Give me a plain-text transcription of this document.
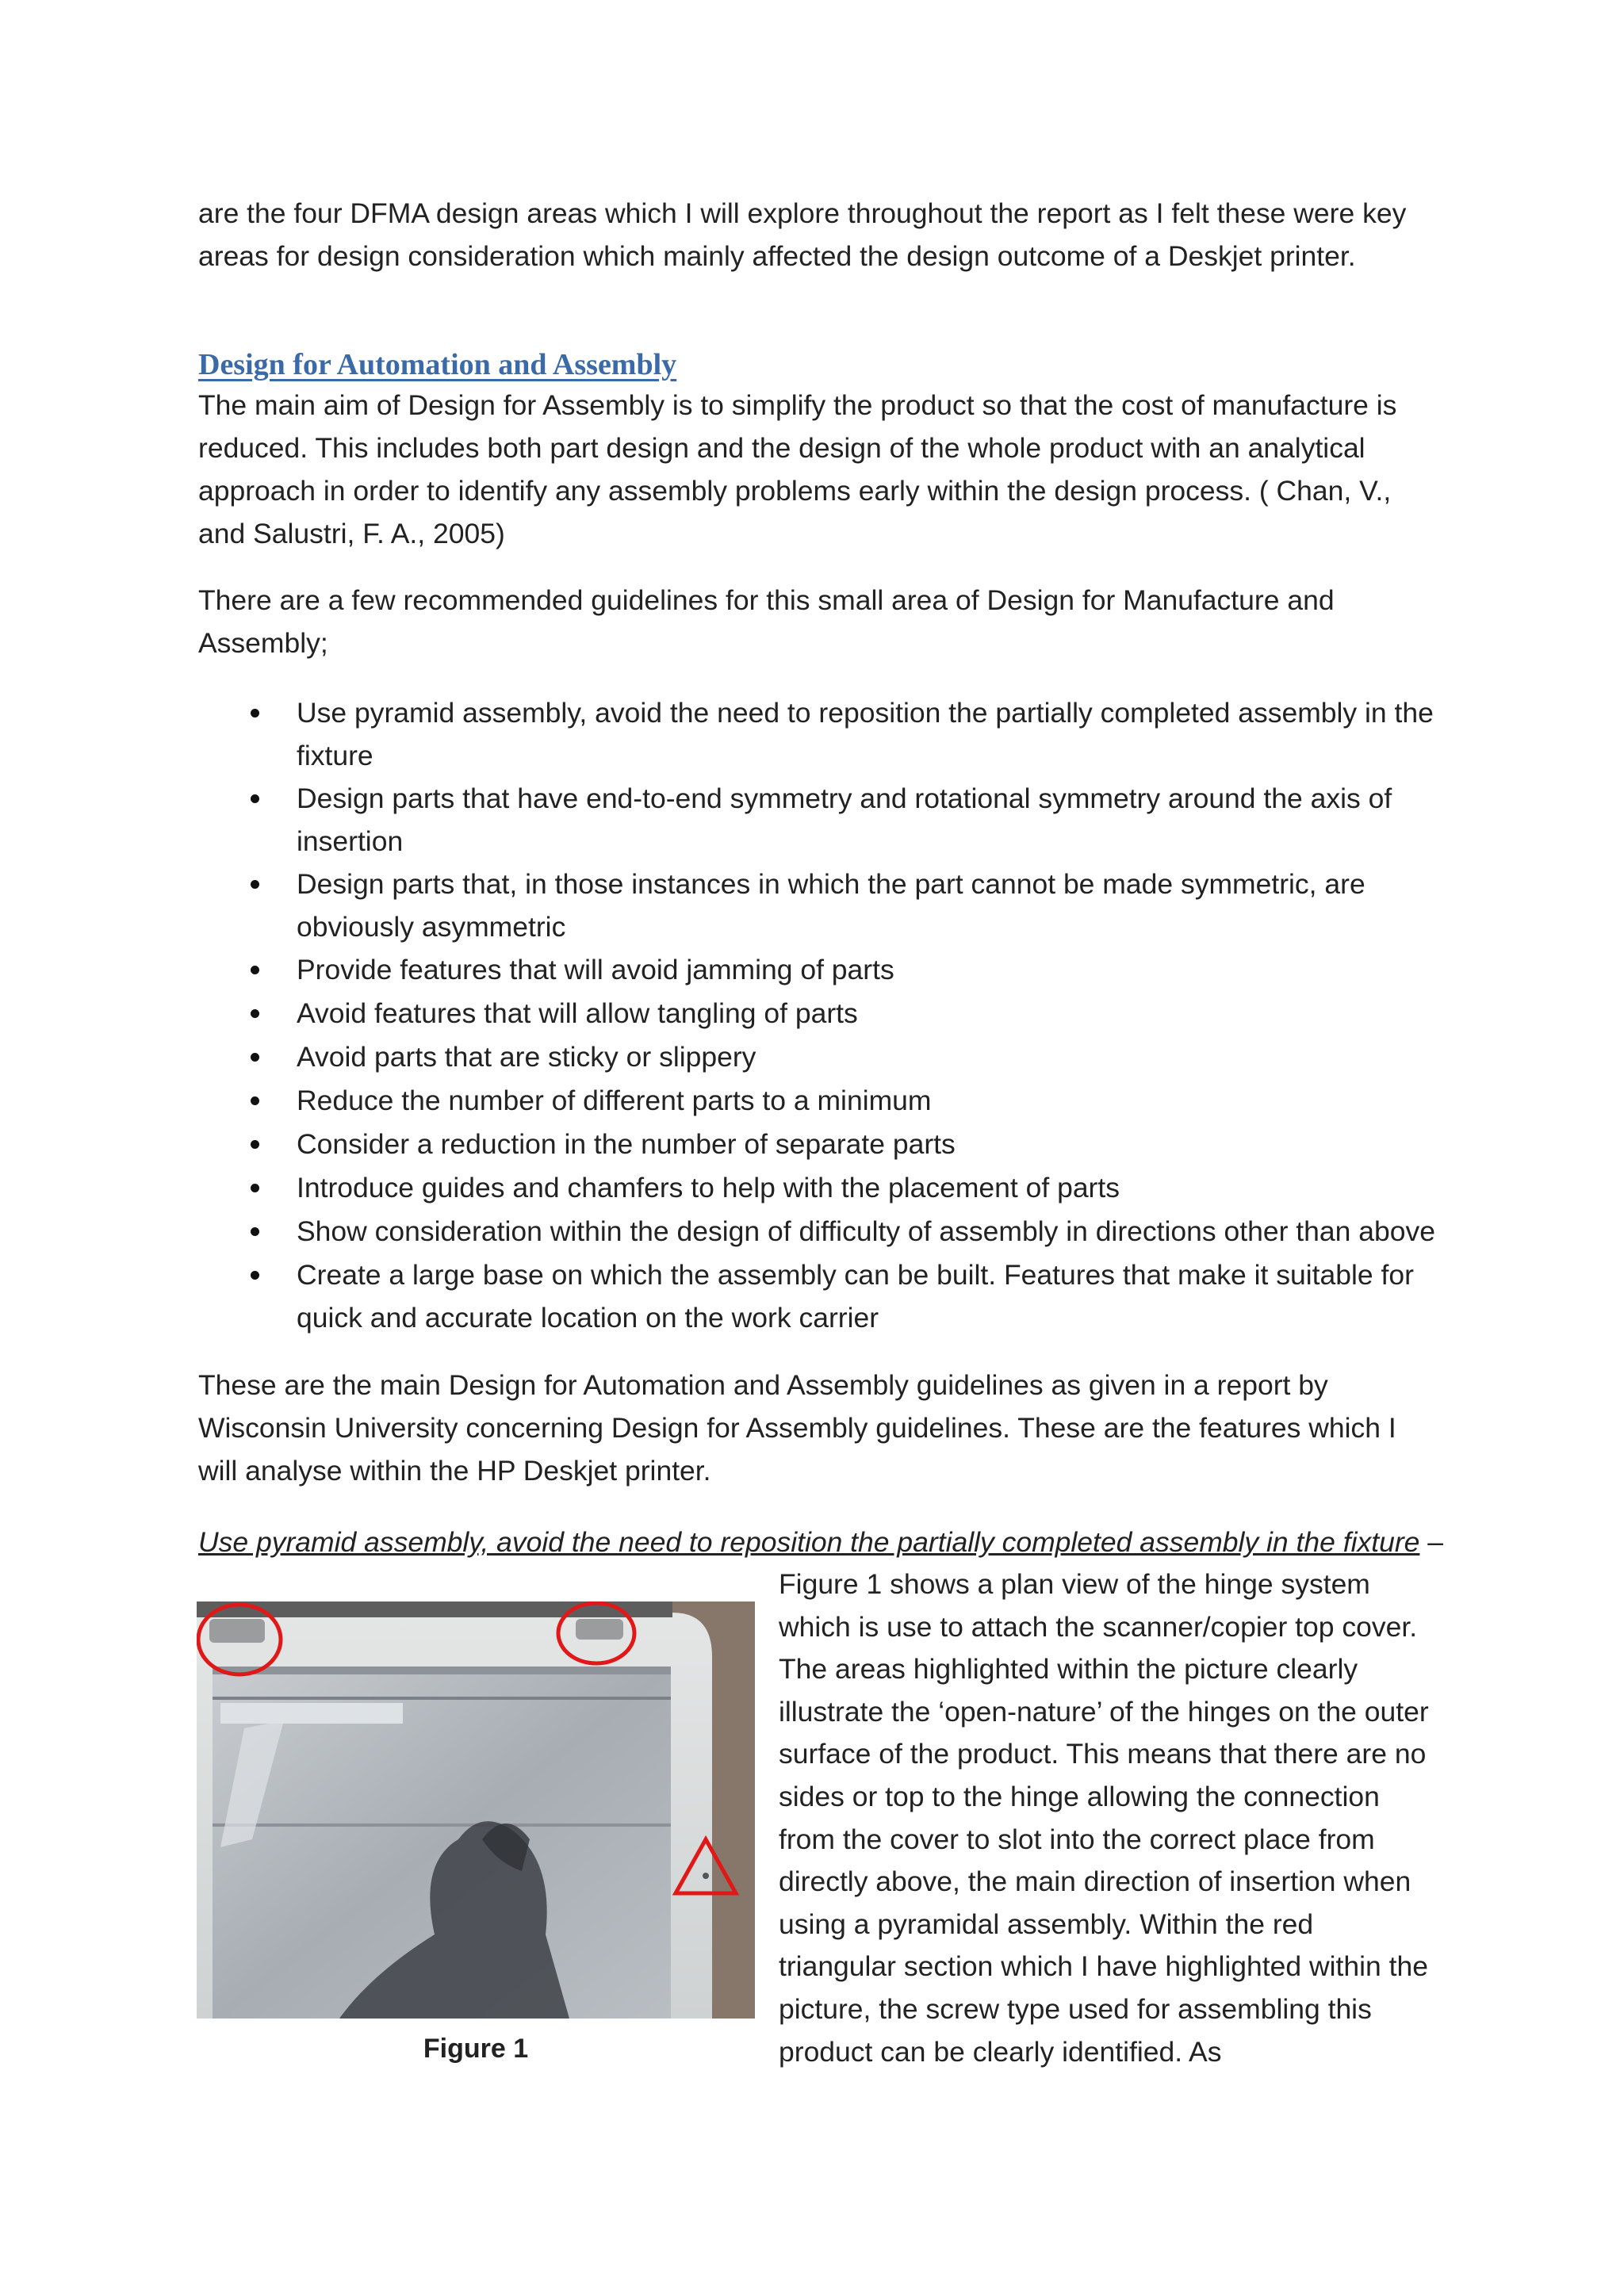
are the four DFMA design areas which I will explore throughout the report as I felt these were key areas for design consideration which mainly affected the design outcome of a Deskjet printer.

Design for Automation and Assembly

The main aim of Design for Assembly is to simplify the product so that the cost of manufacture is reduced. This includes both part design and the design of the whole product with an analytical approach in order to identify any assembly problems early within the design process. ( Chan, V., and Salustri, F. A., 2005)

There are a few recommended guidelines for this small area of Design for Manufacture and Assembly;

Use pyramid assembly, avoid the need to reposition the partially completed assembly in the fixture
Design parts that have end-to-end symmetry and rotational symmetry around the axis of insertion
Design parts that, in those instances in which the part cannot be made symmetric, are obviously asymmetric
Provide features that will avoid jamming of parts
Avoid features that will allow tangling of parts
Avoid parts that are sticky or slippery
Reduce the number of different parts to a minimum
Consider a reduction in the number of separate parts
Introduce guides and chamfers to help with the placement of parts
Show consideration within the design of difficulty of assembly in directions other than above
Create a large base on which the assembly can be built. Features that make it suitable for quick and accurate location on the work carrier

These are the main Design for Automation and Assembly guidelines as given in a report by Wisconsin University concerning Design for Assembly guidelines. These are the features which I will analyse within the HP Deskjet printer.

Use pyramid assembly, avoid the need to reposition the partially completed assembly in the fixture –

Figure 1

Figure 1 shows a plan view of the hinge system which is use to attach the scanner/copier top cover. The areas highlighted within the picture clearly illustrate the ‘open-nature’ of the hinges on the outer surface of the product. This means that there are no sides or top to the hinge allowing the connection from the cover to slot into the correct place from directly above, the main direction of insertion when using a pyramidal assembly. Within the red triangular section which I have highlighted within the picture, the screw type used for assembling this product can be clearly identified. As
